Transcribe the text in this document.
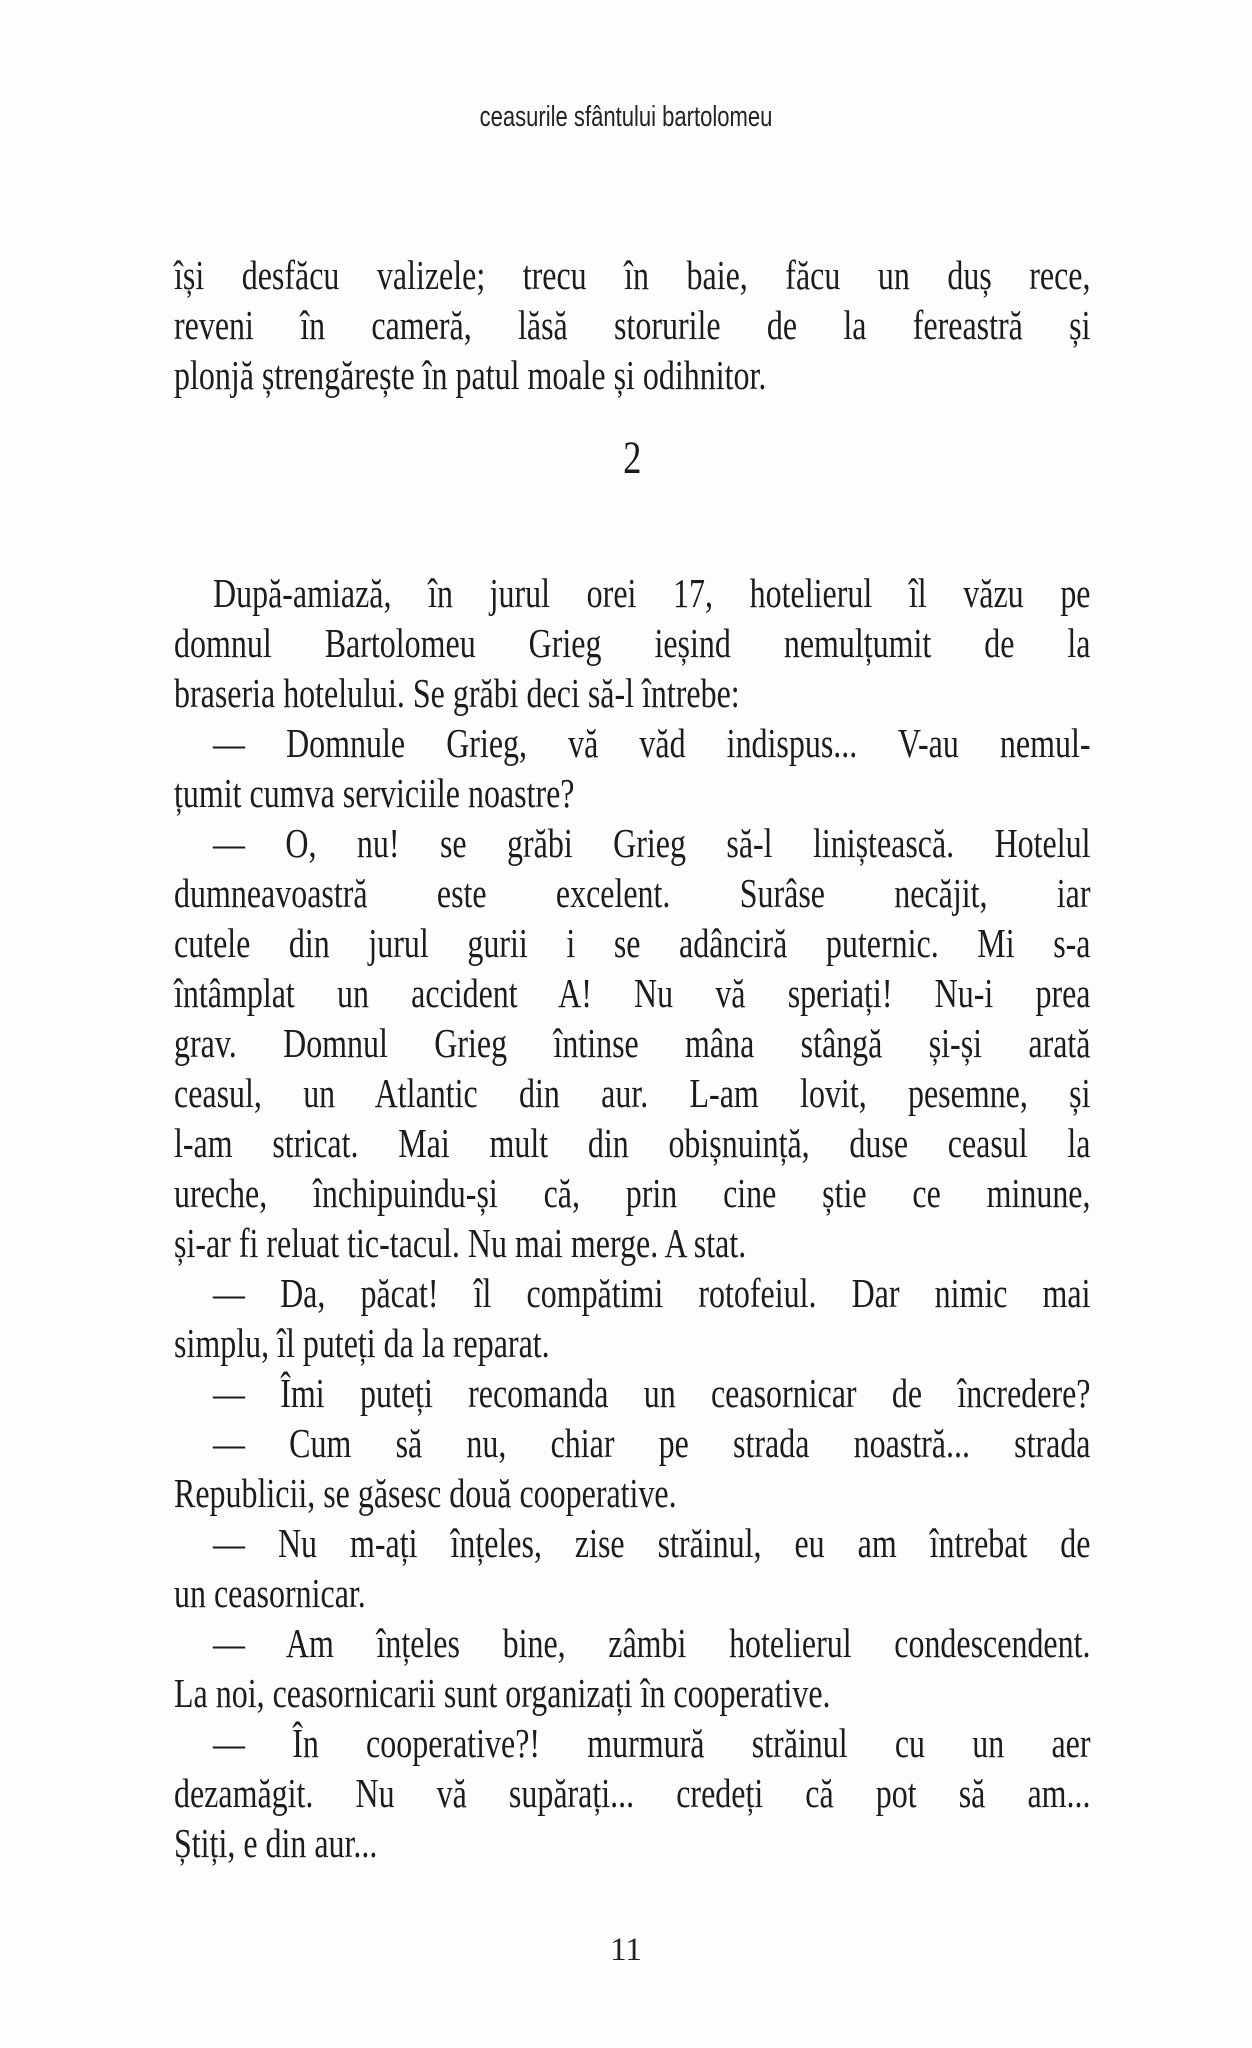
ceasurile sfântului bartolomeu
își desfăcu valizele; trecu în baie, făcu un duș rece,
reveni în cameră, lăsă storurile de la fereastră și
plonjă ștrengărește în patul moale și odihnitor.
2
După-amiază, în jurul orei 17, hotelierul îl văzu pe
domnul Bartolomeu Grieg ieșind nemulțumit de la
braseria hotelului. Se grăbi deci să-l întrebe:
— Domnule Grieg, vă văd indispus... V-au nemul-
țumit cumva serviciile noastre?
— O, nu! se grăbi Grieg să-l liniștească. Hotelul
dumneavoastră este excelent. Surâse necăjit, iar
cutele din jurul gurii i se adânciră puternic. Mi s-a
întâmplat un accident A! Nu vă speriați! Nu-i prea
grav. Domnul Grieg întinse mâna stângă și-și arată
ceasul, un Atlantic din aur. L-am lovit, pesemne, și
l-am stricat. Mai mult din obișnuință, duse ceasul la
ureche, închipuindu-și că, prin cine știe ce minune,
și-ar fi reluat tic-tacul. Nu mai merge. A stat.
— Da, păcat! îl compătimi rotofeiul. Dar nimic mai
simplu, îl puteți da la reparat.
— Îmi puteți recomanda un ceasornicar de încredere?
— Cum să nu, chiar pe strada noastră... strada
Republicii, se găsesc două cooperative.
— Nu m-ați înțeles, zise străinul, eu am întrebat de
un ceasornicar.
— Am înțeles bine, zâmbi hotelierul condescendent.
La noi, ceasornicarii sunt organizați în cooperative.
— În cooperative?! murmură străinul cu un aer
dezamăgit. Nu vă supărați... credeți că pot să am...
Știți, e din aur...
11
